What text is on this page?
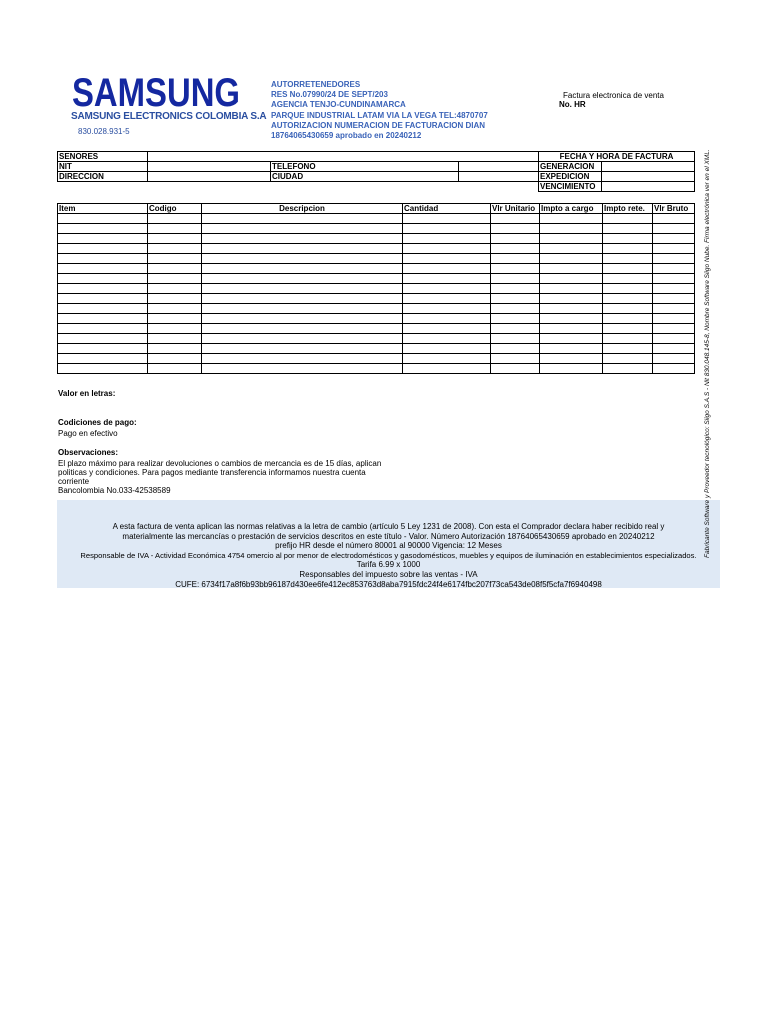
SAMSUNG
SAMSUNG ELECTRONICS COLOMBIA S.A
830.028.931-5
AUTORRETENEDORES
RES No.07990/24 DE SEPT/203
AGENCIA TENJO-CUNDINAMARCA
PARQUE INDUSTRIAL LATAM VIA LA VEGA TEL:4870707
AUTORIZACION NUMERACION DE FACTURACION DIAN
18764065430659 aprobado en 20240212
Factura electronica de venta
No. HR
SENORES		FECHA Y HORA DE FACTURA
NIT		TELEFONO			GENERACION	

DIRECCION		CIUDAD			EXPEDICION	

VENCIMIENTO	
Item	Codigo	Descripcion	Cantidad	Vlr Unitario	Impto a cargo	Impto rete.	Vlr Bruto

Valor en letras:
Codiciones de pago:
Pago en efectivo
Observaciones:
El plazo máximo para realizar devoluciones o cambios de mercancia es de 15 días, aplican
politicas y condiciones. Para pagos mediante transferencia informamos nuestra cuenta corriente
Bancolombia No.033-42538589
A esta factura de venta aplican las normas relativas a la letra de cambio (artículo 5 Ley 1231 de 2008). Con esta el Comprador declara haber recibido real y
materialmente las mercancías o prestación de servicios descritos en este título - Valor. Número Autorización 18764065430659 aprobado en 20240212
prefijo HR desde el número 80001 al 90000 Vigencia: 12 Meses
Responsable de IVA - Actividad Económica 4754 omercio al por menor de electrodomésticos y gasodomésticos, muebles y equipos de iluminación en establecimientos especializados.
Tarifa 6.99 x 1000
Responsables del impuesto sobre las ventas - IVA
CUFE: 6734f17a8f6b93bb96187d430ee6fe412ec853763d8aba7915fdc24f4e6174fbc207f73ca543de08f5f5cfa7f6940498
Fabricante Software y Proveedor tecnológico: Siigo S.A.S - Nit 830.048.145-8, Nombre Software Siigo Nube. Firma electrónica ver en el XML.
